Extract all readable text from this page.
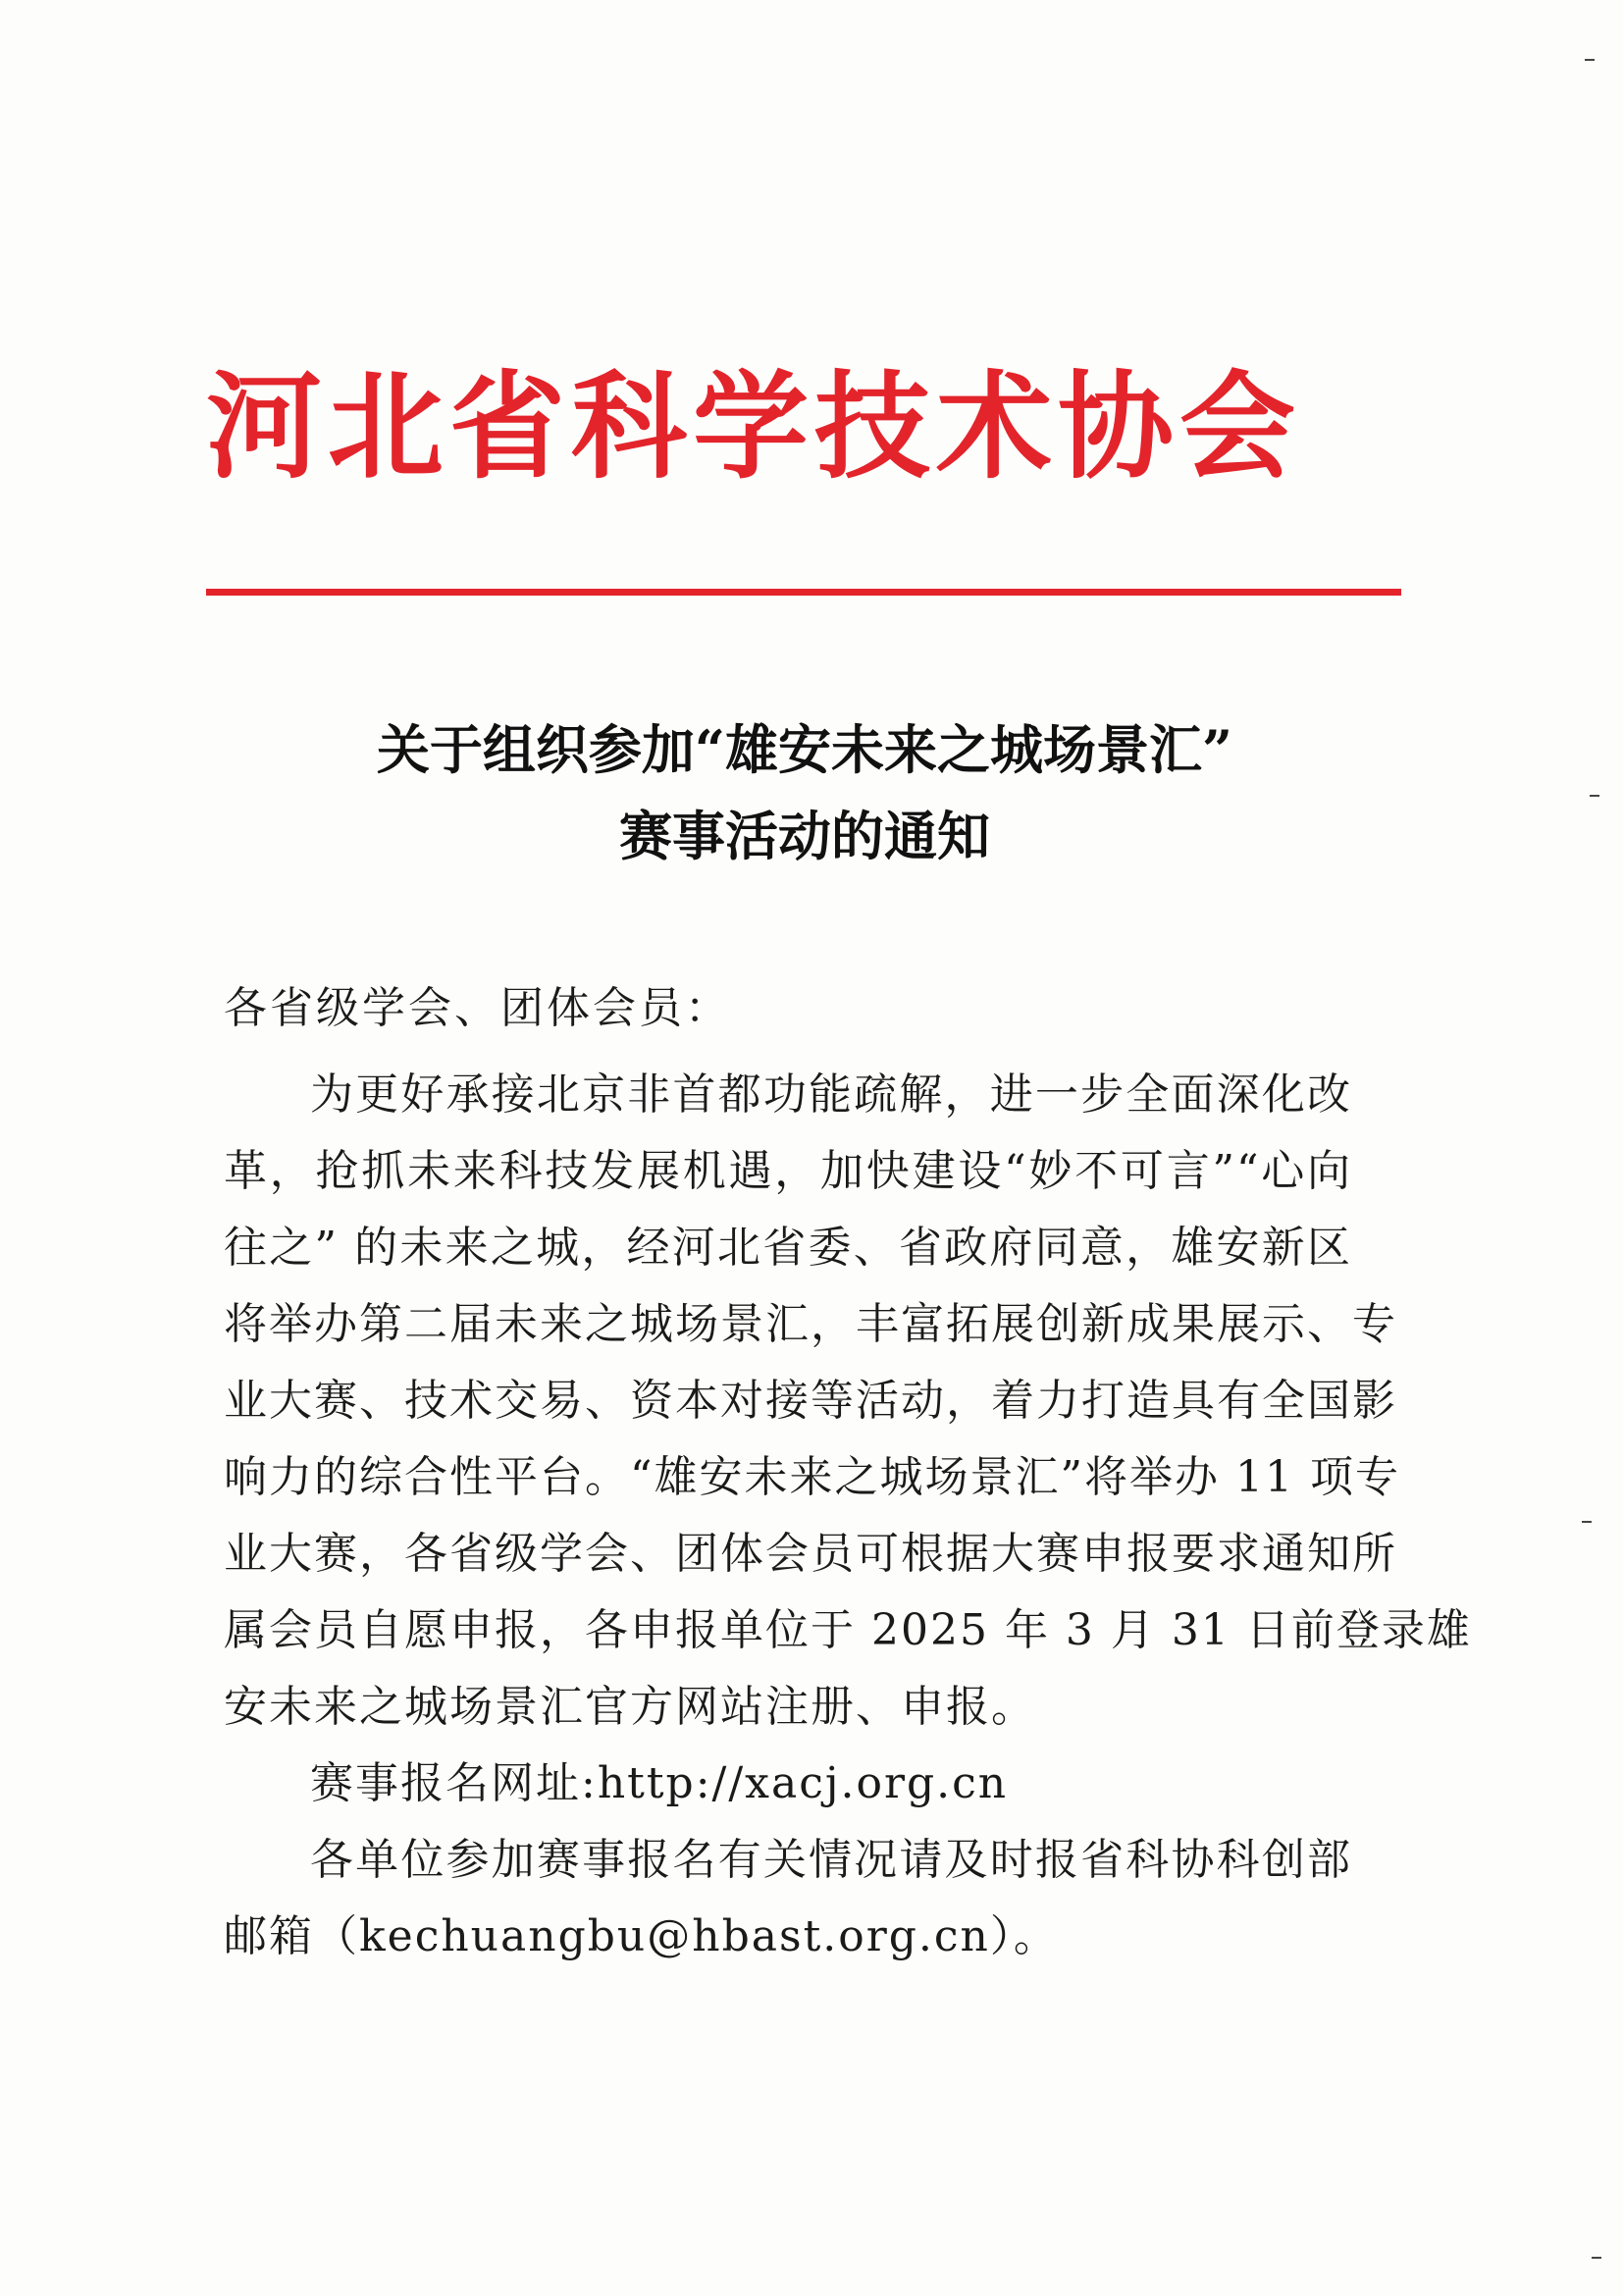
河北省科学技术协会
关于组织参加“雄安未来之城场景汇”
赛事活动的通知

各省级学会、团体会员：

为更好承接北京非首都功能疏解，进一步全面深化改

革，抢抓未来科技发展机遇，加快建设“妙不可言”“心向

往之” 的未来之城，经河北省委、省政府同意，雄安新区

将举办第二届未来之城场景汇，丰富拓展创新成果展示、专

业大赛、技术交易、资本对接等活动，着力打造具有全国影

响力的综合性平台。“雄安未来之城场景汇”将举办 11 项专

业大赛，各省级学会、团体会员可根据大赛申报要求通知所

属会员自愿申报，各申报单位于 2025 年 3 月 31 日前登录雄

安未来之城场景汇官方网站注册、申报。

赛事报名网址:http://xacj.org.cn

各单位参加赛事报名有关情况请及时报省科协科创部

邮箱（kechuangbu@hbast.org.cn）。
